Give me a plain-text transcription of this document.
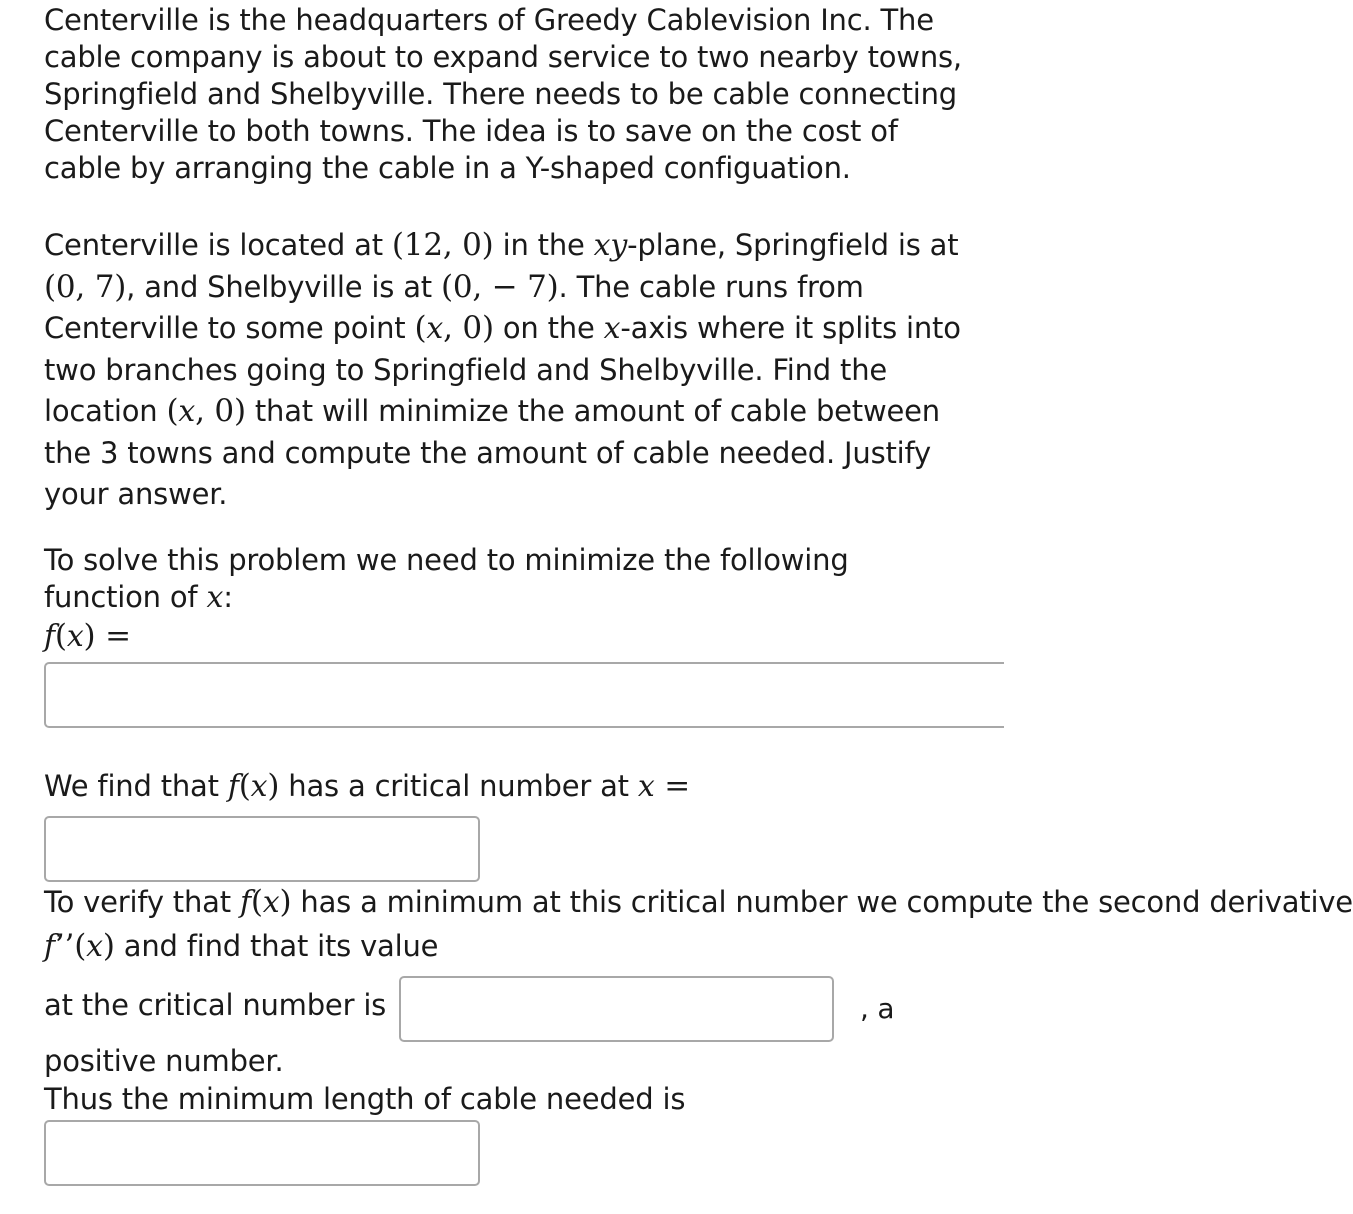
Centerville is the headquarters of Greedy Cablevision Inc. The cable company is about to expand service to two nearby towns, Springfield and Shelbyville. There needs to be cable connecting Centerville to both towns. The idea is to save on the cost of cable by arranging the cable in a Y-shaped configuation.

Centerville is located at (12, 0) in the xy-plane, Springfield is at (0, 7), and Shelbyville is at (0, − 7). The cable runs from Centerville to some point (x, 0) on the x-axis where it splits into two branches going to Springfield and Shelbyville. Find the location (x, 0) that will minimize the amount of cable between the 3 towns and compute the amount of cable needed. Justify your answer.

To solve this problem we need to minimize the following function of x:

f(x) =
We find that f(x) has a critical number at x =
To verify that f(x) has a minimum at this critical number we compute the second derivative
f’’(x) and find that its value
at the critical number is	, a
positive number.
Thus the minimum length of cable needed is
